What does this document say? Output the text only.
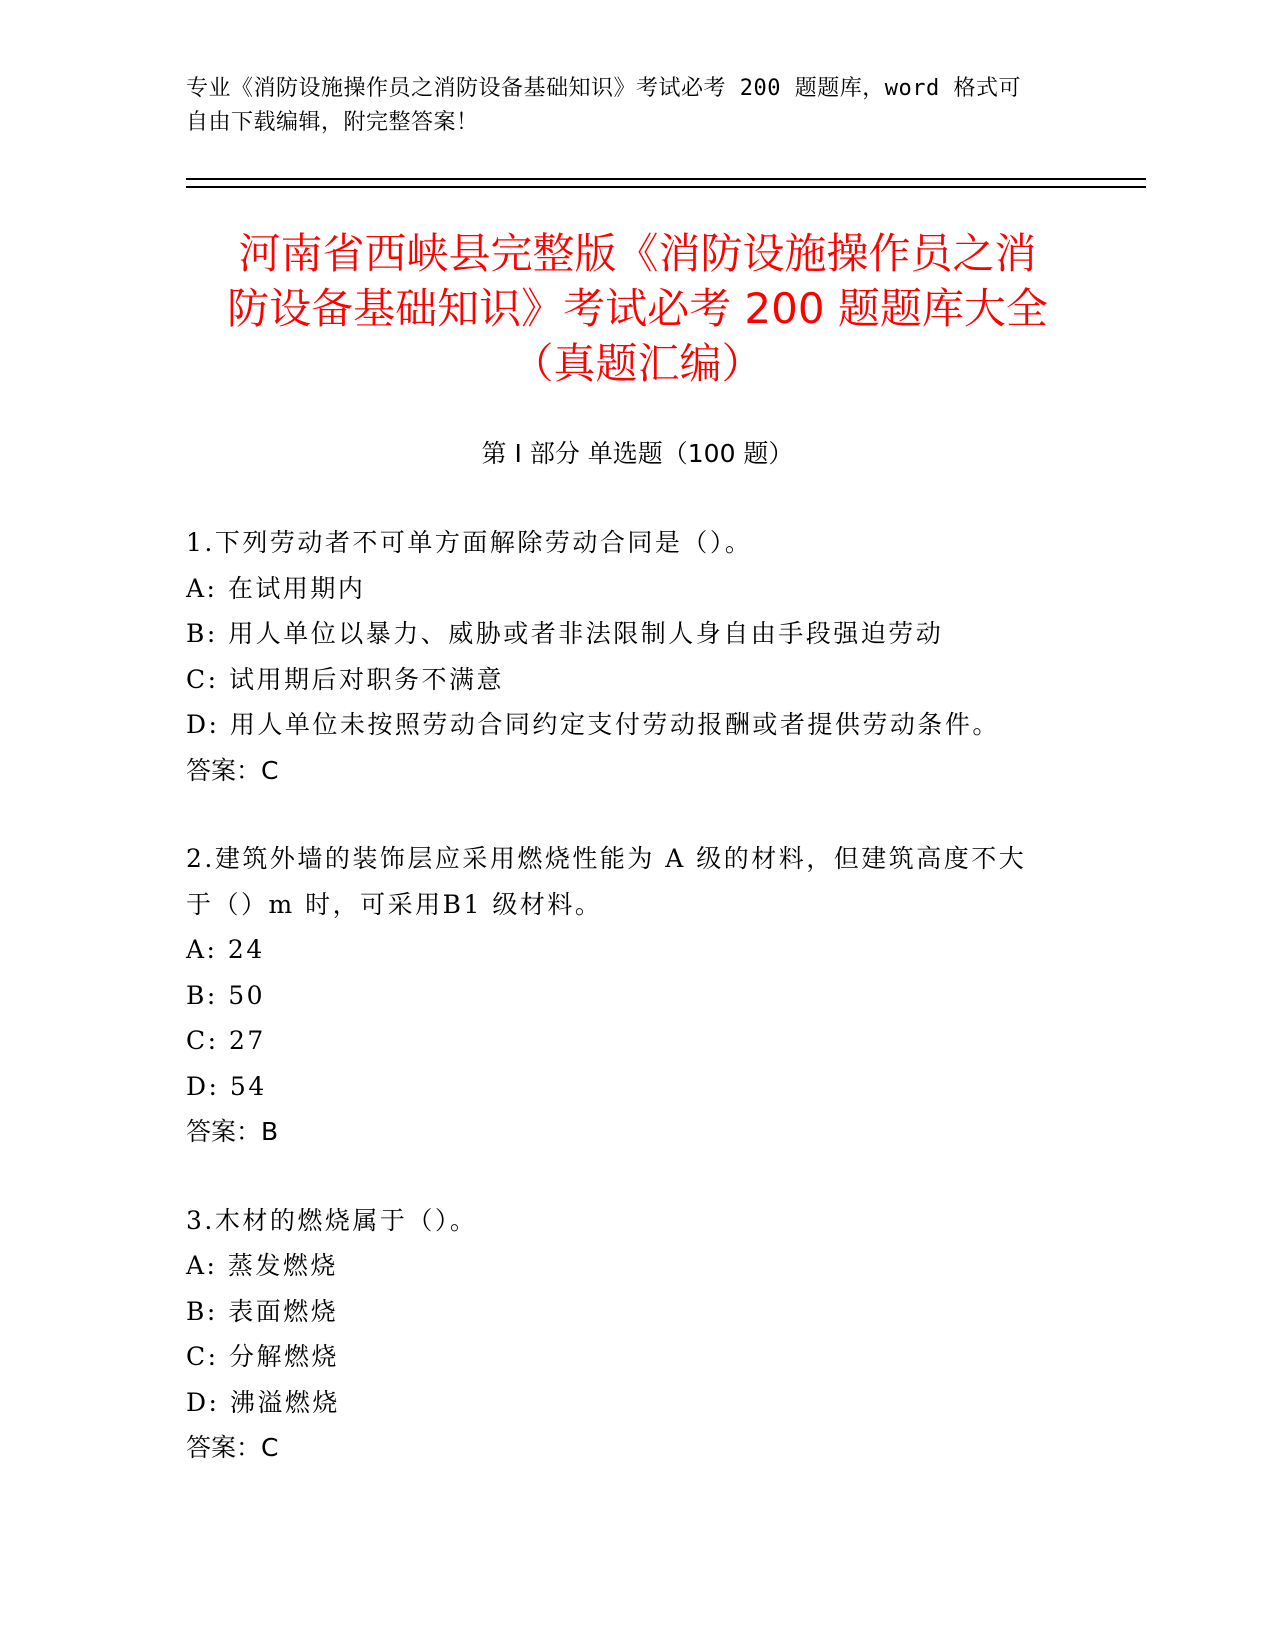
专业《消防设施操作员之消防设备基础知识》考试必考 200 题题库，word 格式可
自由下载编辑，附完整答案！
河南省西峡县完整版《消防设施操作员之消
防设备基础知识》考试必考 200 题题库大全
（真题汇编）
第 I 部分 单选题（100 题）
1.下列劳动者不可单方面解除劳动合同是（）。
A: 在试用期内
B: 用人单位以暴力、威胁或者非法限制人身自由手段强迫劳动
C: 试用期后对职务不满意
D: 用人单位未按照劳动合同约定支付劳动报酬或者提供劳动条件。
答案：C
2.建筑外墙的装饰层应采用燃烧性能为 A 级的材料，但建筑高度不大
于（）m 时，可采用B1 级材料。
A: 24
B: 50
C: 27
D: 54
答案：B
3.木材的燃烧属于（）。
A: 蒸发燃烧
B: 表面燃烧
C: 分解燃烧
D: 沸溢燃烧
答案：C
